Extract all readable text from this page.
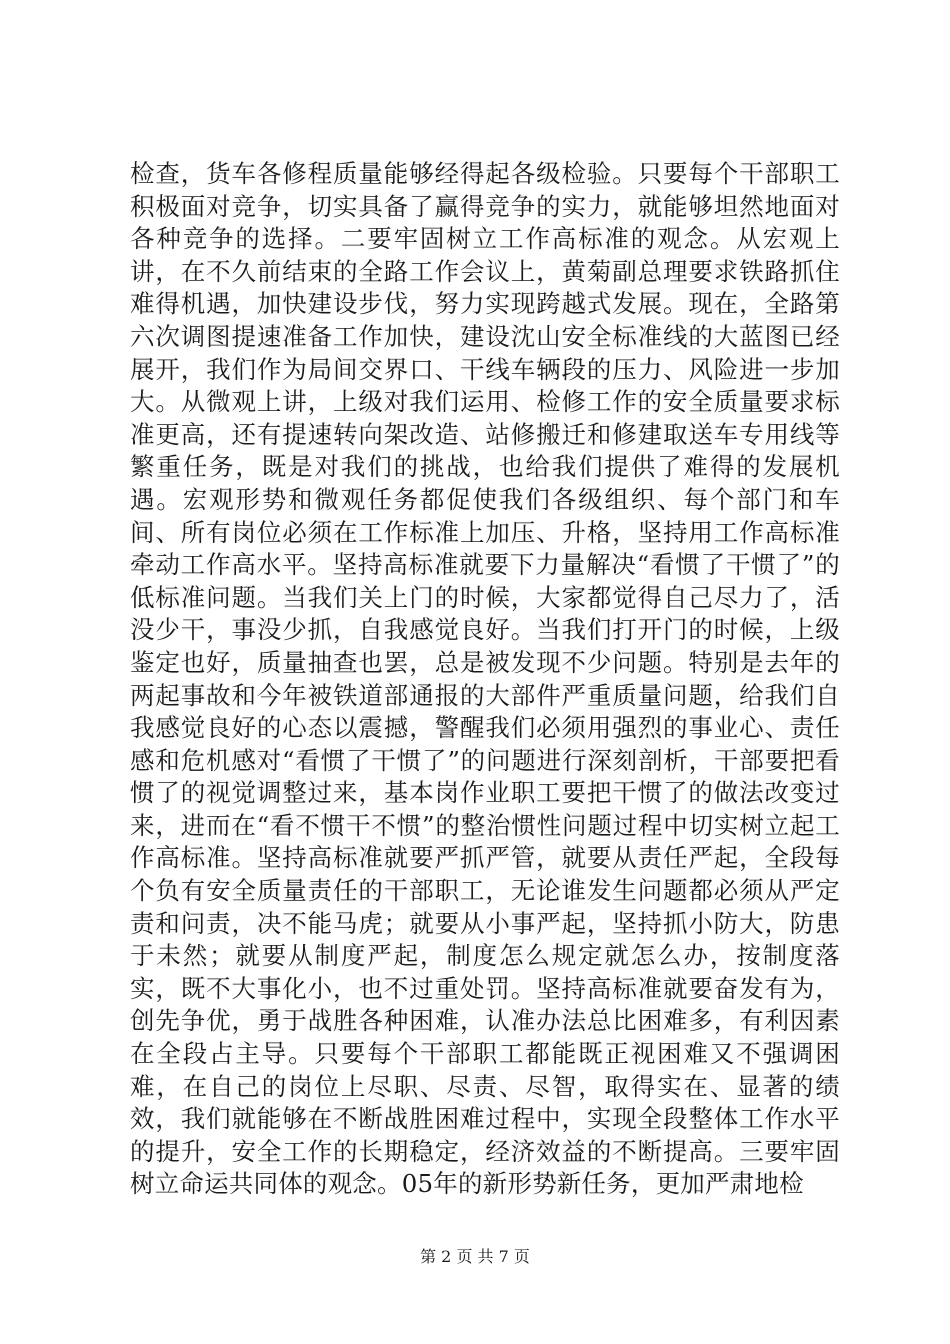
检查，货车各修程质量能够经得起各级检验。只要每个干部职工积极面对竞争，切实具备了赢得竞争的实力，就能够坦然地面对各种竞争的选择。二要牢固树立工作高标准的观念。从宏观上讲，在不久前结束的全路工作会议上，黄菊副总理要求铁路抓住难得机遇，加快建设步伐，努力实现跨越式发展。现在，全路第六次调图提速准备工作加快，建设沈山安全标准线的大蓝图已经展开，我们作为局间交界口、干线车辆段的压力、风险进一步加大。从微观上讲，上级对我们运用、检修工作的安全质量要求标准更高，还有提速转向架改造、站修搬迁和修建取送车专用线等繁重任务，既是对我们的挑战，也给我们提供了难得的发展机遇。宏观形势和微观任务都促使我们各级组织、每个部门和车间、所有岗位必须在工作标准上加压、升格，坚持用工作高标准牵动工作高水平。坚持高标准就要下力量解决“看惯了干惯了”的低标准问题。当我们关上门的时候，大家都觉得自己尽力了，活没少干，事没少抓，自我感觉良好。当我们打开门的时候，上级鉴定也好，质量抽查也罢，总是被发现不少问题。特别是去年的两起事故和今年被铁道部通报的大部件严重质量问题，给我们自我感觉良好的心态以震撼，警醒我们必须用强烈的事业心、责任感和危机感对“看惯了干惯了”的问题进行深刻剖析，干部要把看惯了的视觉调整过来，基本岗作业职工要把干惯了的做法改变过来，进而在“看不惯干不惯”的整治惯性问题过程中切实树立起工作高标准。坚持高标准就要严抓严管，就要从责任严起，全段每个负有安全质量责任的干部职工，无论谁发生问题都必须从严定责和问责，决不能马虎；就要从小事严起，坚持抓小防大，防患于未然；就要从制度严起，制度怎么规定就怎么办，按制度落实，既不大事化小，也不过重处罚。坚持高标准就要奋发有为，创先争优，勇于战胜各种困难，认准办法总比困难多，有利因素在全段占主导。只要每个干部职工都能既正视困难又不强调困难，在自己的岗位上尽职、尽责、尽智，取得实在、显著的绩效，我们就能够在不断战胜困难过程中，实现全段整体工作水平的提升，安全工作的长期稳定，经济效益的不断提高。三要牢固树立命运共同体的观念。05年的新形势新任务，更加严肃地检

第 2 页 共 7 页
